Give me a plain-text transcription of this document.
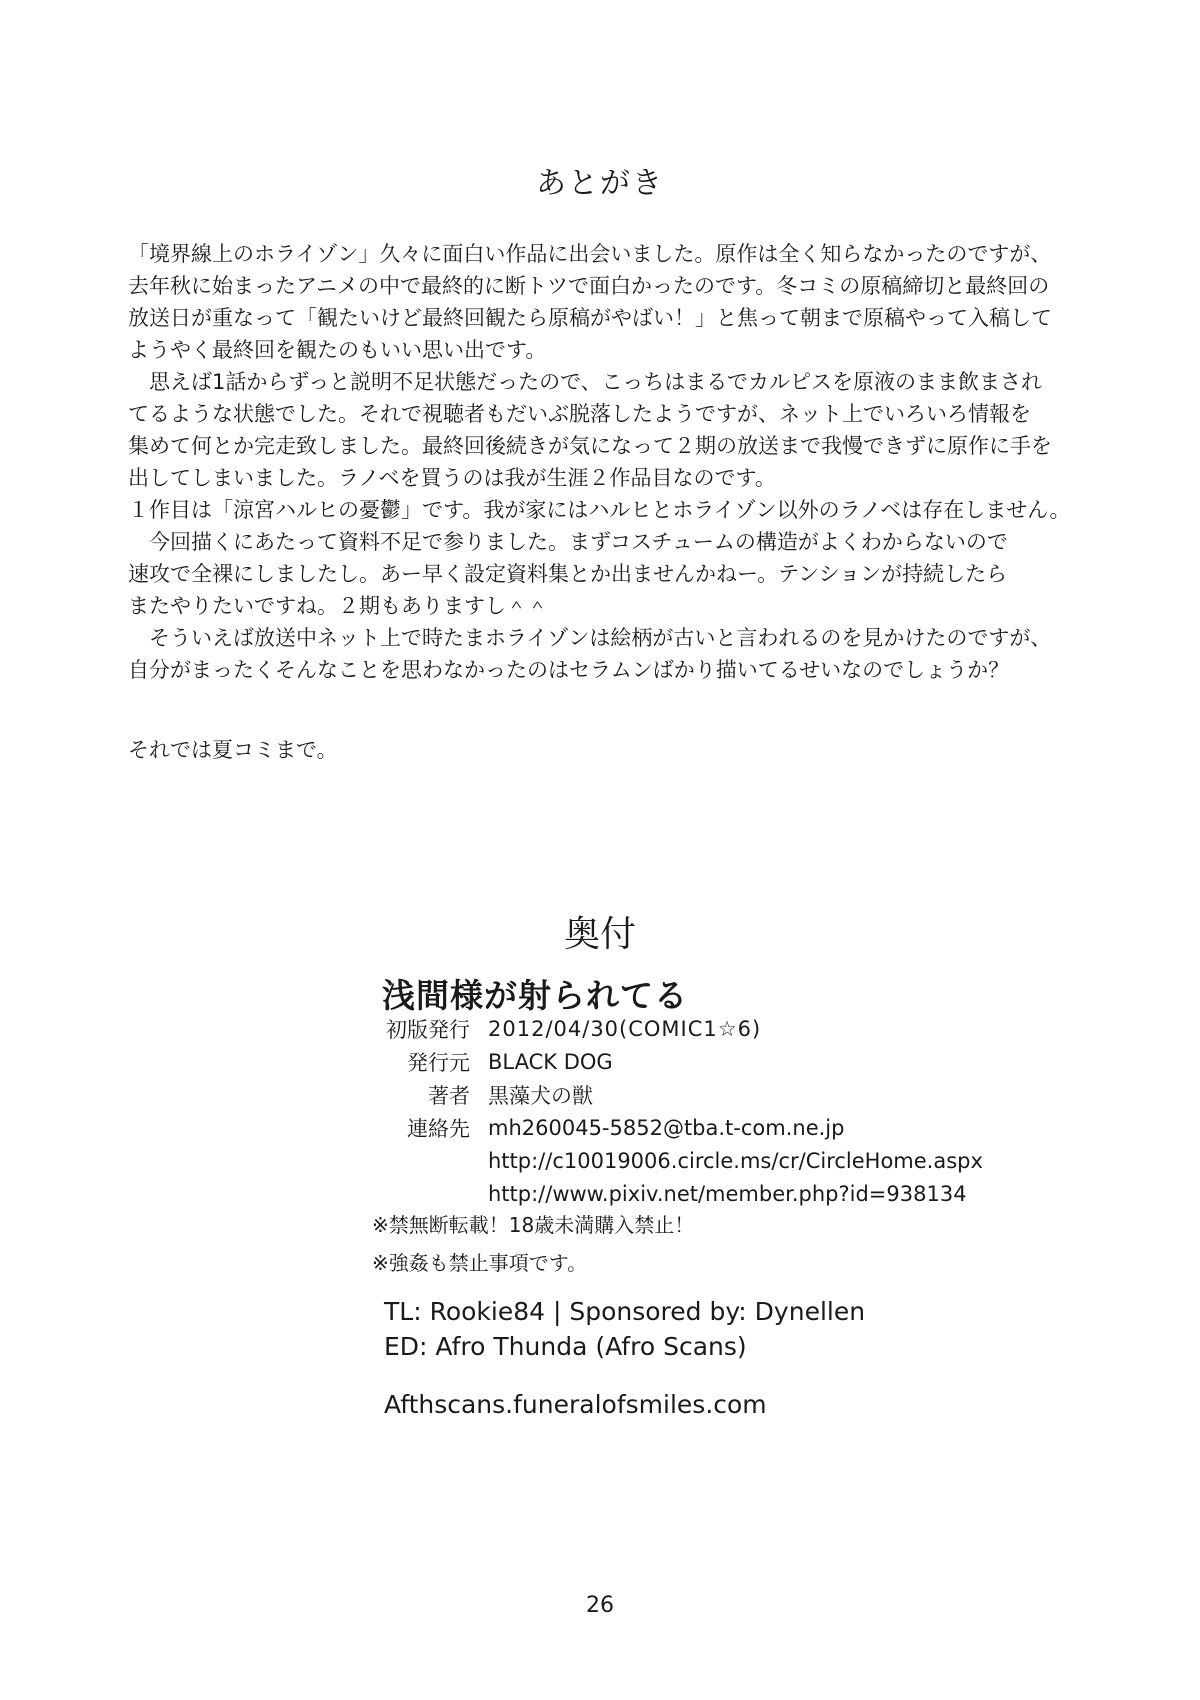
あとがき
「境界線上のホライゾン」久々に面白い作品に出会いました。原作は全く知らなかったのですが、
去年秋に始まったアニメの中で最終的に断トツで面白かったのです。冬コミの原稿締切と最終回の
放送日が重なって「観たいけど最終回観たら原稿がやばい！」と焦って朝まで原稿やって入稿して
ようやく最終回を観たのもいい思い出です。
　思えば1話からずっと説明不足状態だったので、こっちはまるでカルピスを原液のまま飲まされ
てるような状態でした。それで視聴者もだいぶ脱落したようですが、ネット上でいろいろ情報を
集めて何とか完走致しました。最終回後続きが気になって２期の放送まで我慢できずに原作に手を
出してしまいました。ラノベを買うのは我が生涯２作品目なのです。
１作目は「涼宮ハルヒの憂鬱」です。我が家にはハルヒとホライゾン以外のラノベは存在しません。
　今回描くにあたって資料不足で参りました。まずコスチュームの構造がよくわからないので
速攻で全裸にしましたし。あー早く設定資料集とか出ませんかねー。テンションが持続したら
またやりたいですね。２期もありますし＾＾
　そういえば放送中ネット上で時たまホライゾンは絵柄が古いと言われるのを見かけたのですが、
自分がまったくそんなことを思わなかったのはセラムンばかり描いてるせいなのでしょうか？
それでは夏コミまで。
奥付
浅間様が射られてる
初版発行 2012/04/30(COMIC1☆6)
発行元 BLACK DOG
著者 黒藻犬の獣
連絡先 mh260045-5852@tba.t-com.ne.jp
http://c10019006.circle.ms/cr/CircleHome.aspx
http://www.pixiv.net/member.php?id=938134
※禁無断転載！18歳未満購入禁止！
※強姦も禁止事項です。
TL: Rookie84 | Sponsored by: Dynellen
ED: Afro Thunda (Afro Scans)
Afthscans.funeralofsmiles.com
26
